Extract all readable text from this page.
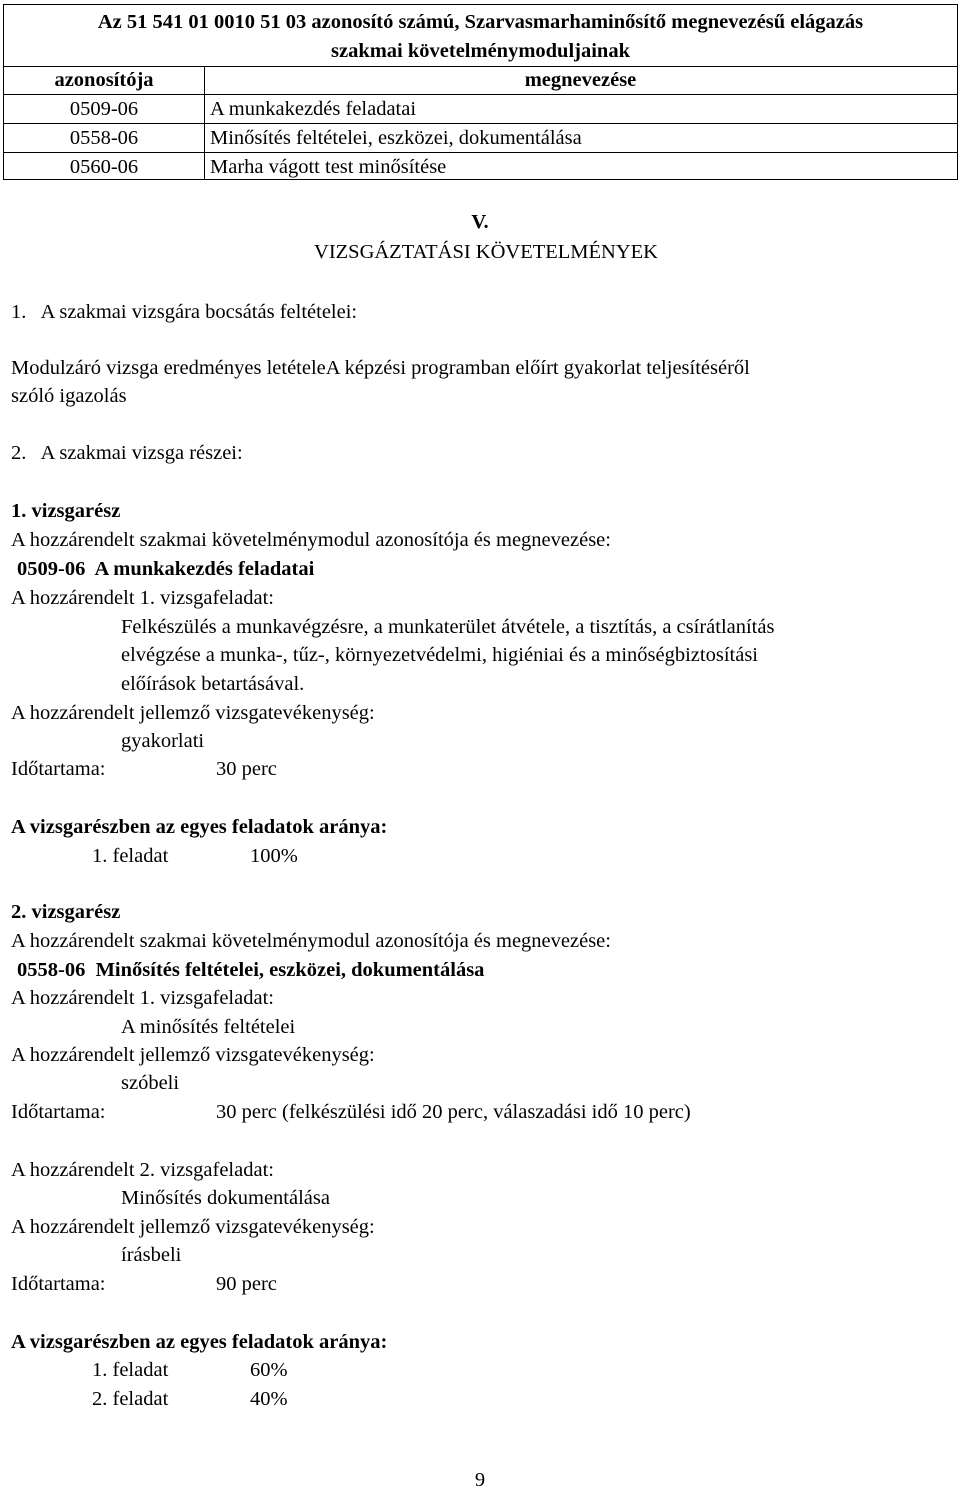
Az 51 541 01 0010 51 03 azonosító számú, Szarvasmarhaminősítő megnevezésű elágazás
szakmai követelménymoduljainak
azonosítója	megnevezése
0509-06	A munkakezdés feladatai
0558-06	Minősítés feltételei, eszközei, dokumentálása
0560-06	Marha vágott test minősítése
V.
VIZSGÁZTATÁSI KÖVETELMÉNYEK
1.   A szakmai vizsgára bocsátás feltételei:
Modulzáró vizsga eredményes letételeA képzési programban előírt gyakorlat teljesítéséről
szóló igazolás
2.   A szakmai vizsga részei:
1. vizsgarész
A hozzárendelt szakmai követelménymodul azonosítója és megnevezése:
0509-06  A munkakezdés feladatai
A hozzárendelt 1. vizsgafeladat:
Felkészülés a munkavégzésre, a munkaterület átvétele, a tisztítás, a csírátlanítás
elvégzése a munka-, tűz-, környezetvédelmi, higiéniai és a minőségbiztosítási
előírások betartásával.
A hozzárendelt jellemző vizsgatevékenység:
gyakorlati
Időtartama:	30 perc
A vizsgarészben az egyes feladatok aránya:
1. feladat	100%
2. vizsgarész
A hozzárendelt szakmai követelménymodul azonosítója és megnevezése:
0558-06  Minősítés feltételei, eszközei, dokumentálása
A hozzárendelt 1. vizsgafeladat:
A minősítés feltételei
A hozzárendelt jellemző vizsgatevékenység:
szóbeli
Időtartama:	30 perc (felkészülési idő 20 perc, válaszadási idő 10 perc)
A hozzárendelt 2. vizsgafeladat:
Minősítés dokumentálása
A hozzárendelt jellemző vizsgatevékenység:
írásbeli
Időtartama:	90 perc
A vizsgarészben az egyes feladatok aránya:
1. feladat	60%
2. feladat	40%
9
